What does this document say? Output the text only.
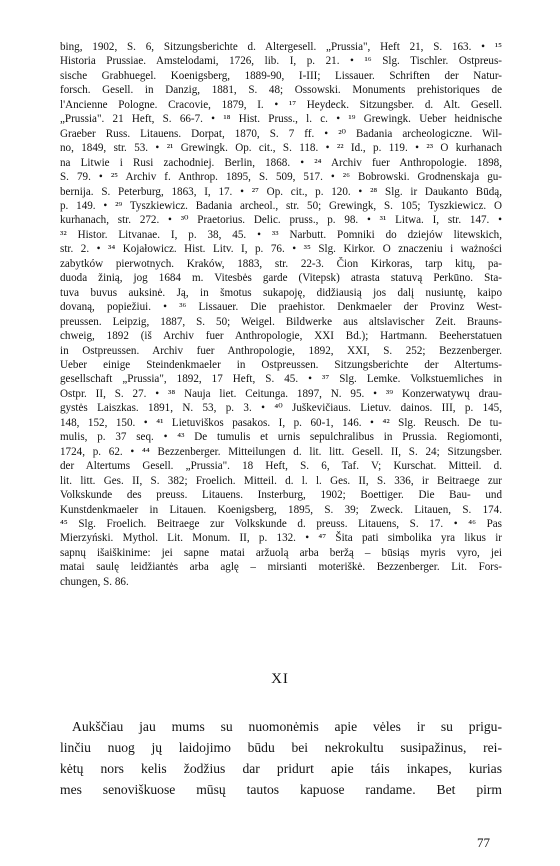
bing, 1902, S. 6, Sitzungsberichte d. Altergesell. „Prussia", Heft 21, S. 163. • ¹⁵
Historia Prussiae. Amstelodami, 1726, lib. I, p. 21. • ¹⁶ Slg. Tischler. Ostpreus-
sische Grabhuegel. Koenigsberg, 1889-90, I-III; Lissauer. Schriften der Natur-
forsch. Gesell. in Danzig, 1881, S. 48; Ossowski. Monuments prehistoriques de
l'Ancienne Pologne. Cracovie, 1879, I. • ¹⁷ Heydeck. Sitzungsber. d. Alt. Gesell.
„Prussia". 21 Heft, S. 66-7. • ¹⁸ Hist. Pruss., l. c. • ¹⁹ Grewingk. Ueber heidnische
Graeber Russ. Litauens. Dorpat, 1870, S. 7 ff. • ²⁰ Badania archeologiczne. Wil-
no, 1849, str. 53. • ²¹ Grewingk. Op. cit., S. 118. • ²² Id., p. 119. • ²³ O kurhanach
na Litwie i Rusi zachodniej. Berlin, 1868. • ²⁴ Archiv fuer Anthropologie. 1898,
S. 79. • ²⁵ Archiv f. Anthrop. 1895, S. 509, 517. • ²⁶ Bobrowski. Grodnenskaja gu-
bernija. S. Peterburg, 1863, I, 17. • ²⁷ Op. cit., p. 120. • ²⁸ Slg. ir Daukanto Būdą,
p. 149. • ²⁹ Tyszkiewicz. Badania archeol., str. 50; Grewingk, S. 105; Tyszkiewicz. O
kurhanach, str. 272. • ³⁰ Praetorius. Delic. pruss., p. 98. • ³¹ Litwa. I, str. 147. •
³² Histor. Litvanae. I, p. 38, 45. • ³³ Narbutt. Pomniki do dziejów litewskich,
str. 2. • ³⁴ Kojałowicz. Hist. Litv. I, p. 76. • ³⁵ Slg. Kirkor. O znaczeniu i ważności
zabytków pierwotnych. Kraków, 1883, str. 22-3. Čion Kirkoras, tarp kitų, pa-
duoda žinią, jog 1684 m. Vitesbės garde (Vitepsk) atrasta statuvą Perkūno. Sta-
tuva buvus auksinė. Ją, in šmotus sukapoję, didžiausią jos dalį nusiuntę, kaipo
dovaną, popiežiui. • ³⁶ Lissauer. Die praehistor. Denkmaeler der Provinz West-
preussen. Leipzig, 1887, S. 50; Weigel. Bildwerke aus altslavischer Zeit. Brauns-
chweig, 1892 (iš Archiv fuer Anthropologie, XXI Bd.); Hartmann. Beeherstatuen
in Ostpreussen. Archiv fuer Anthropologie, 1892, XXI, S. 252; Bezzenberger.
Ueber einige Steindenkmaeler in Ostpreussen. Sitzungsberichte der Altertums-
gesellschaft „Prussia", 1892, 17 Heft, S. 45. • ³⁷ Slg. Lemke. Volkstuemliches in
Ostpr. II, S. 27. • ³⁸ Nauja liet. Ceitunga. 1897, N. 95. • ³⁹ Konzerwatywų drau-
gystės Laiszkas. 1891, N. 53, p. 3. • ⁴⁰ Juškevičiaus. Lietuv. dainos. III, p. 145,
148, 152, 150. • ⁴¹ Lietuviškos pasakos. I, p. 60-1, 146. • ⁴² Slg. Reusch. De tu-
mulis, p. 37 seq. • ⁴³ De tumulis et urnis sepulchralibus in Prussia. Regiomonti,
1724, p. 62. • ⁴⁴ Bezzenberger. Mitteilungen d. lit. litt. Gesell. II, S. 24; Sitzungsber.
der Altertums Gesell. „Prussia". 18 Heft, S. 6, Taf. V; Kurschat. Mitteil. d.
lit. litt. Ges. II, S. 382; Froelich. Mitteil. d. l. l. Ges. II, S. 336, ir Beitraege zur
Volkskunde des preuss. Litauens. Insterburg, 1902; Boettiger. Die Bau- und
Kunstdenkmaeler in Litauen. Koenigsberg, 1895, S. 39; Zweck. Litauen, S. 174.
⁴⁵ Slg. Froelich. Beitraege zur Volkskunde d. preuss. Litauens, S. 17. • ⁴⁶ Pas
Mierzyński. Mythol. Lit. Monum. II, p. 132. • ⁴⁷ Šita pati simbolika yra likus ir
sapnų išaiškinime: jei sapne matai aržuolą arba beržą – būsiąs myris vyro, jei
matai saulę leidžiantės arba aglę – mirsianti moteriškė. Bezzenberger. Lit. Fors-
chungen, S. 86.
XI
Aukščiau jau mums su nuomonėmis apie vėles ir su prigu-
linčiu nuog jų laidojimo būdu bei nekrokultu susipažinus, rei-
kėtų nors kelis žodžius dar pridurt apie táis inkapes, kurias
mes senoviškuose mūsų tautos kapuose randame. Bet pirm
77
